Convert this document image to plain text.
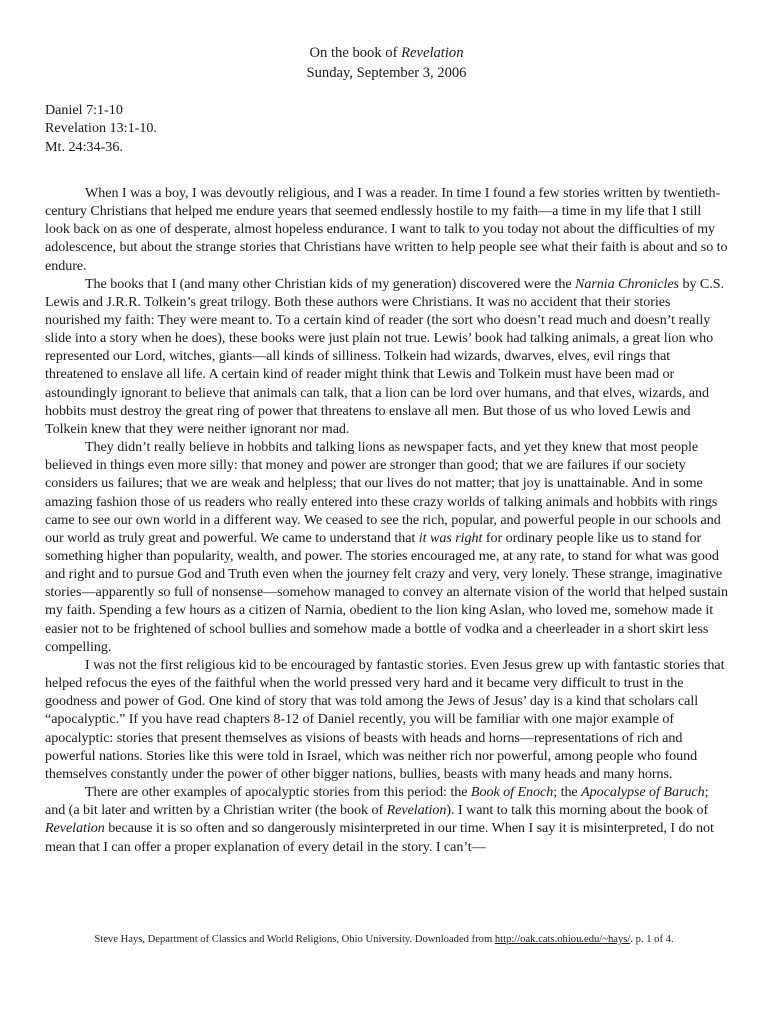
On the book of Revelation
Sunday, September 3, 2006
Daniel 7:1-10
Revelation 13:1-10.
Mt. 24:34-36.

When I was a boy, I was devoutly religious, and I was a reader. In time I found a few stories written by twentieth-century Christians that helped me endure years that seemed endlessly hostile to my faith—a time in my life that I still look back on as one of desperate, almost hopeless endurance. I want to talk to you today not about the difficulties of my adolescence, but about the strange stories that Christians have written to help people see what their faith is about and so to endure.

The books that I (and many other Christian kids of my generation) discovered were the Narnia Chronicles by C.S. Lewis and J.R.R. Tolkein’s great trilogy. Both these authors were Christians. It was no accident that their stories nourished my faith: They were meant to. To a certain kind of reader (the sort who doesn’t read much and doesn’t really slide into a story when he does), these books were just plain not true. Lewis’ book had talking animals, a great lion who represented our Lord, witches, giants—all kinds of silliness. Tolkein had wizards, dwarves, elves, evil rings that threatened to enslave all life. A certain kind of reader might think that Lewis and Tolkein must have been mad or astoundingly ignorant to believe that animals can talk, that a lion can be lord over humans, and that elves, wizards, and hobbits must destroy the great ring of power that threatens to enslave all men. But those of us who loved Lewis and Tolkein knew that they were neither ignorant nor mad.

They didn’t really believe in hobbits and talking lions as newspaper facts, and yet they knew that most people believed in things even more silly: that money and power are stronger than good; that we are failures if our society considers us failures; that we are weak and helpless; that our lives do not matter; that joy is unattainable. And in some amazing fashion those of us readers who really entered into these crazy worlds of talking animals and hobbits with rings came to see our own world in a different way. We ceased to see the rich, popular, and powerful people in our schools and our world as truly great and powerful. We came to understand that it was right for ordinary people like us to stand for something higher than popularity, wealth, and power. The stories encouraged me, at any rate, to stand for what was good and right and to pursue God and Truth even when the journey felt crazy and very, very lonely. These strange, imaginative stories—apparently so full of nonsense—somehow managed to convey an alternate vision of the world that helped sustain my faith. Spending a few hours as a citizen of Narnia, obedient to the lion king Aslan, who loved me, somehow made it easier not to be frightened of school bullies and somehow made a bottle of vodka and a cheerleader in a short skirt less compelling.

I was not the first religious kid to be encouraged by fantastic stories. Even Jesus grew up with fantastic stories that helped refocus the eyes of the faithful when the world pressed very hard and it became very difficult to trust in the goodness and power of God. One kind of story that was told among the Jews of Jesus’ day is a kind that scholars call “apocalyptic.” If you have read chapters 8-12 of Daniel recently, you will be familiar with one major example of apocalyptic: stories that present themselves as visions of beasts with heads and horns—representations of rich and powerful nations. Stories like this were told in Israel, which was neither rich nor powerful, among people who found themselves constantly under the power of other bigger nations, bullies, beasts with many heads and many horns.

There are other examples of apocalyptic stories from this period: the Book of Enoch; the Apocalypse of Baruch; and (a bit later and written by a Christian writer (the book of Revelation). I want to talk this morning about the book of Revelation because it is so often and so dangerously misinterpreted in our time. When I say it is misinterpreted, I do not mean that I can offer a proper explanation of every detail in the story. I can’t—

Steve Hays, Department of Classics and World Religions, Ohio University. Downloaded from http://oak.cats.ohiou.edu/~hays/. p. 1 of 4.
